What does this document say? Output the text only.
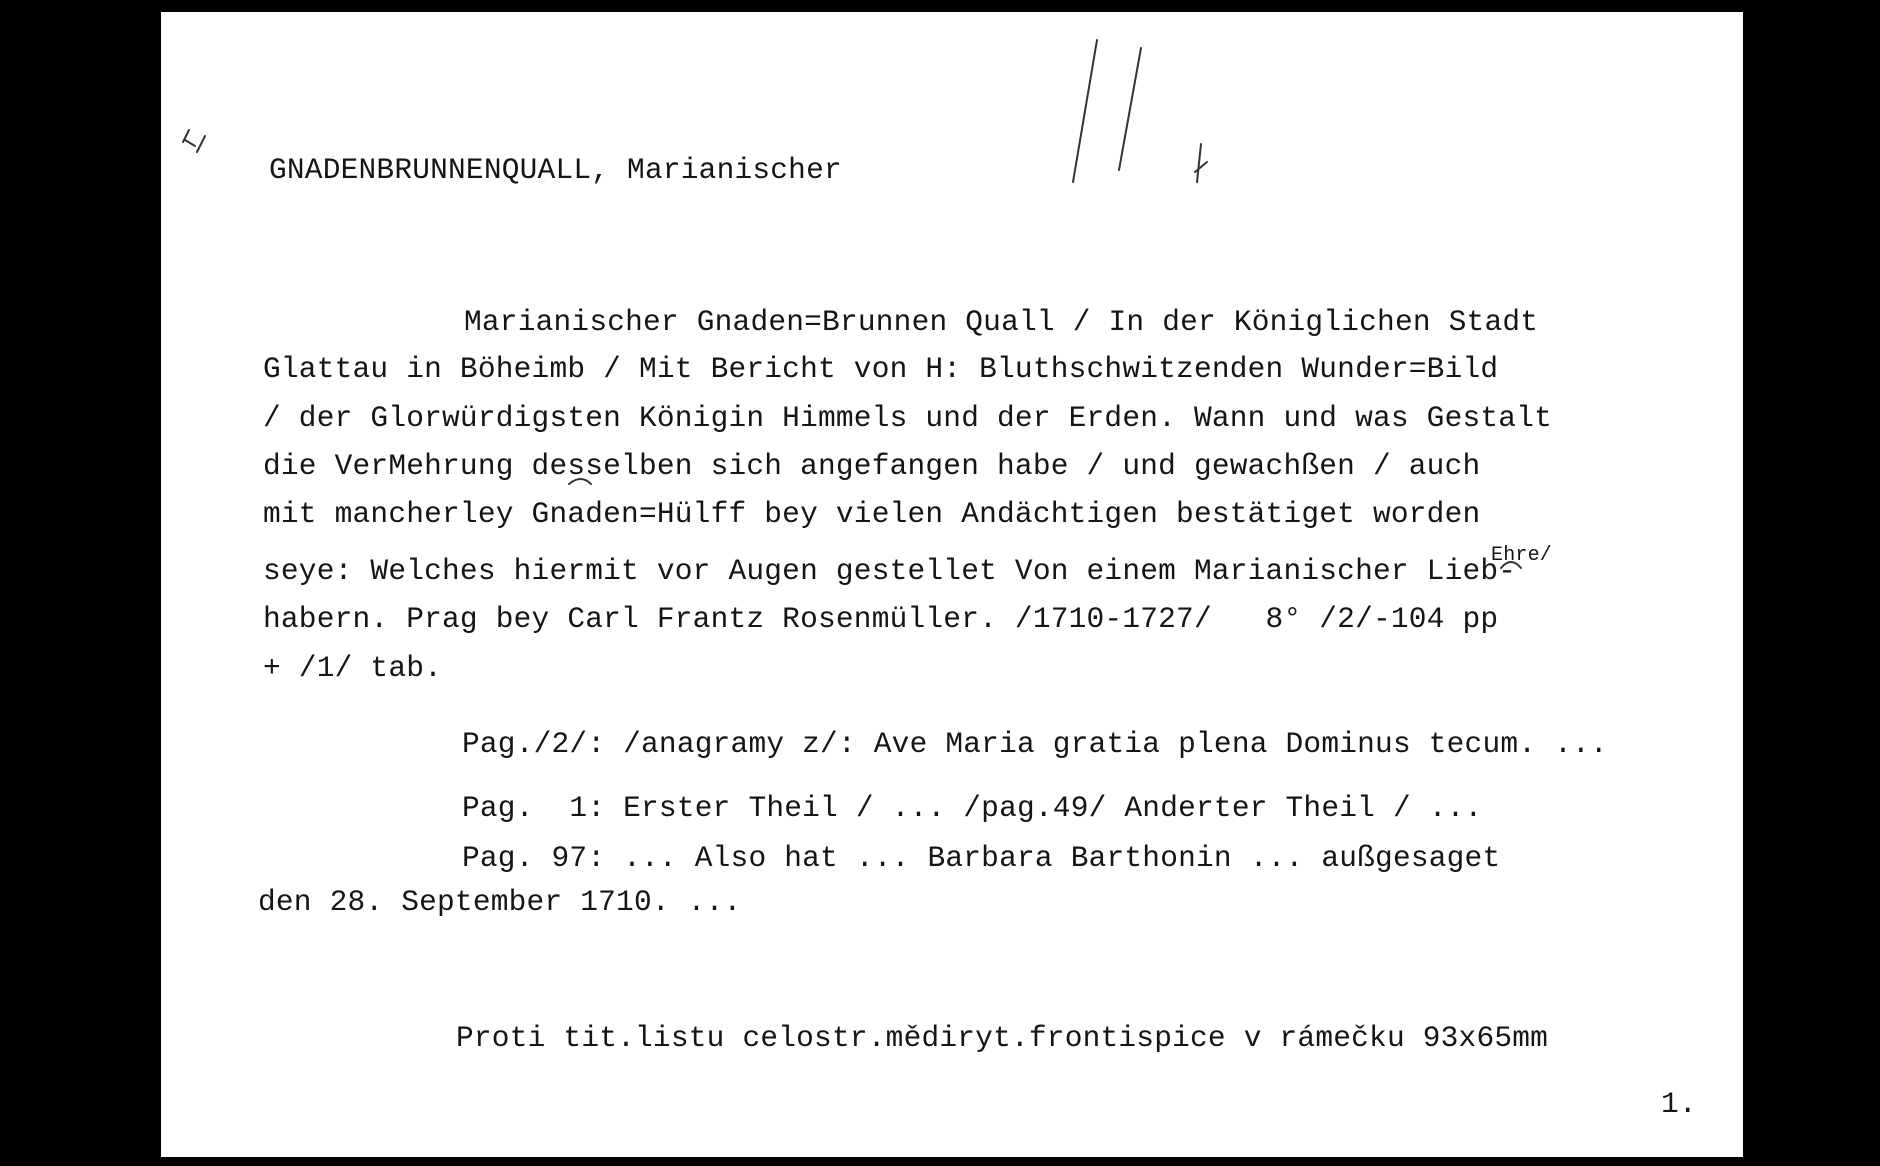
GNADENBRUNNENQUALL, Marianischer
Marianischer Gnaden=Brunnen Quall / In der Königlichen Stadt
Glattau in Böheimb / Mit Bericht von H: Bluthschwitzenden Wunder=Bild
/ der Glorwürdigsten Königin Himmels und der Erden. Wann und was Gestalt
die VerMehrung desselben sich angefangen habe / und gewachßen / auch
mit mancherley Gnaden=Hülff bey vielen Andächtigen bestätiget worden
Ehre/
seye: Welches hiermit vor Augen gestellet Von einem Marianischer Lieb-
habern. Prag bey Carl Frantz Rosenmüller. /1710-1727/   8° /2/-104 pp
+ /1/ tab.
Pag./2/: /anagramy z/: Ave Maria gratia plena Dominus tecum. ...
Pag.  1: Erster Theil / ... /pag.49/ Anderter Theil / ...
Pag. 97: ... Also hat ... Barbara Barthonin ... außgesaget
den 28. September 1710. ...
Proti tit.listu celostr.mědiryt.frontispice v rámečku 93x65mm
1.
